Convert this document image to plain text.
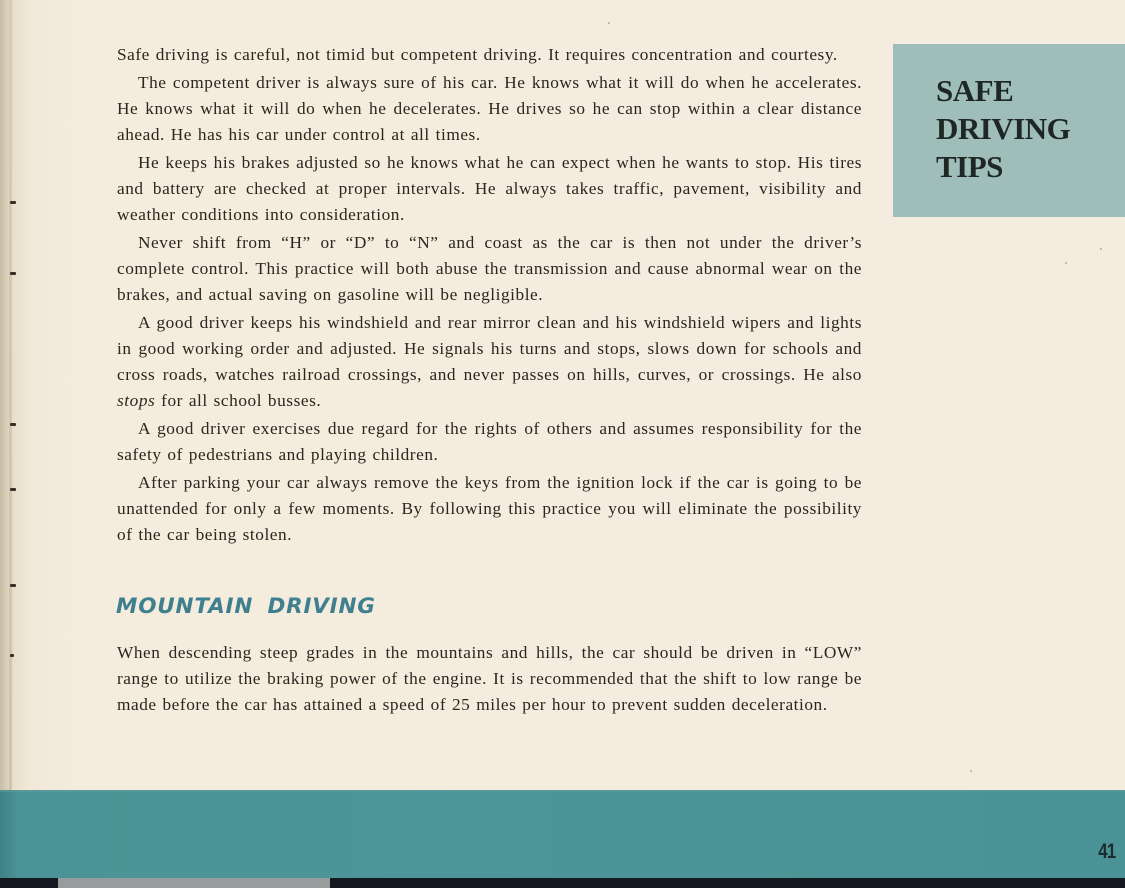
SAFE
DRIVING
TIPS

Safe driving is careful, not timid but competent driving. It requires concentration and courtesy.

The competent driver is always sure of his car. He knows what it will do when he accelerates. He knows what it will do when he decelerates. He drives so he can stop within a clear distance ahead. He has his car under control at all times.

He keeps his brakes adjusted so he knows what he can expect when he wants to stop. His tires and battery are checked at proper intervals. He always takes traffic, pavement, visibility and weather conditions into consideration.

Never shift from “H” or “D” to “N” and coast as the car is then not under the driver’s complete control. This practice will both abuse the transmission and cause abnormal wear on the brakes, and actual saving on gasoline will be negligible.

A good driver keeps his windshield and rear mirror clean and his windshield wipers and lights in good working order and adjusted. He signals his turns and stops, slows down for schools and cross roads, watches railroad crossings, and never passes on hills, curves, or crossings. He also stops for all school busses.

A good driver exercises due regard for the rights of others and assumes responsibility for the safety of pedestrians and playing children.

After parking your car always remove the keys from the ignition lock if the car is going to be unattended for only a few moments. By following this practice you will eliminate the possibility of the car being stolen.

MOUNTAIN DRIVING

When descending steep grades in the mountains and hills, the car should be driven in “LOW” range to utilize the braking power of the engine. It is recommended that the shift to low range be made before the car has attained a speed of 25 miles per hour to prevent sudden deceleration.

41
